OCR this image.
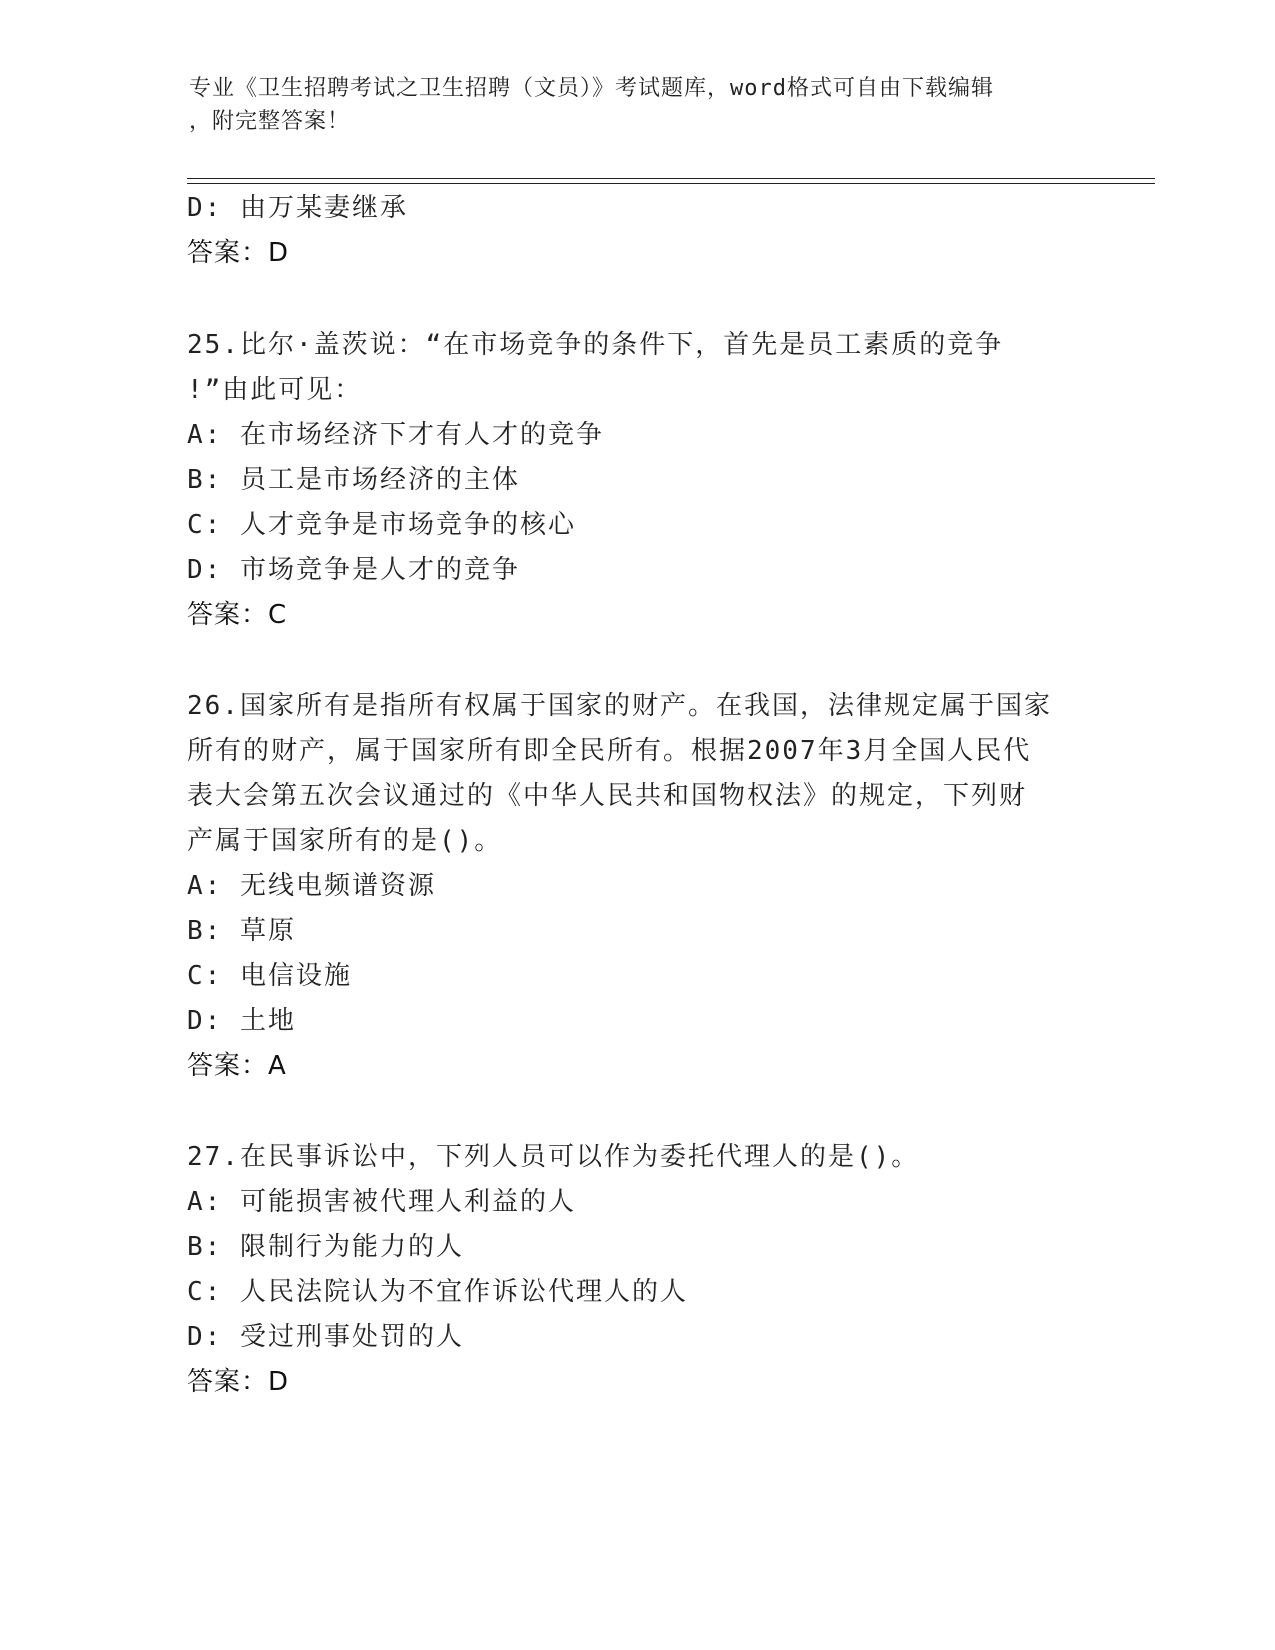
专业《卫生招聘考试之卫生招聘（文员）》考试题库，word格式可自由下载编辑
，附完整答案！
D: 由万某妻继承
答案：D
25.比尔·盖茨说：“在市场竞争的条件下，首先是员工素质的竞争
!”由此可见：
A: 在市场经济下才有人才的竞争
B: 员工是市场经济的主体
C: 人才竞争是市场竞争的核心
D: 市场竞争是人才的竞争
答案：C
26.国家所有是指所有权属于国家的财产。在我国，法律规定属于国家
所有的财产，属于国家所有即全民所有。根据2007年3月全国人民代
表大会第五次会议通过的《中华人民共和国物权法》的规定，下列财
产属于国家所有的是()。
A: 无线电频谱资源
B: 草原
C: 电信设施
D: 土地
答案：A
27.在民事诉讼中，下列人员可以作为委托代理人的是()。
A: 可能损害被代理人利益的人
B: 限制行为能力的人
C: 人民法院认为不宜作诉讼代理人的人
D: 受过刑事处罚的人
答案：D
